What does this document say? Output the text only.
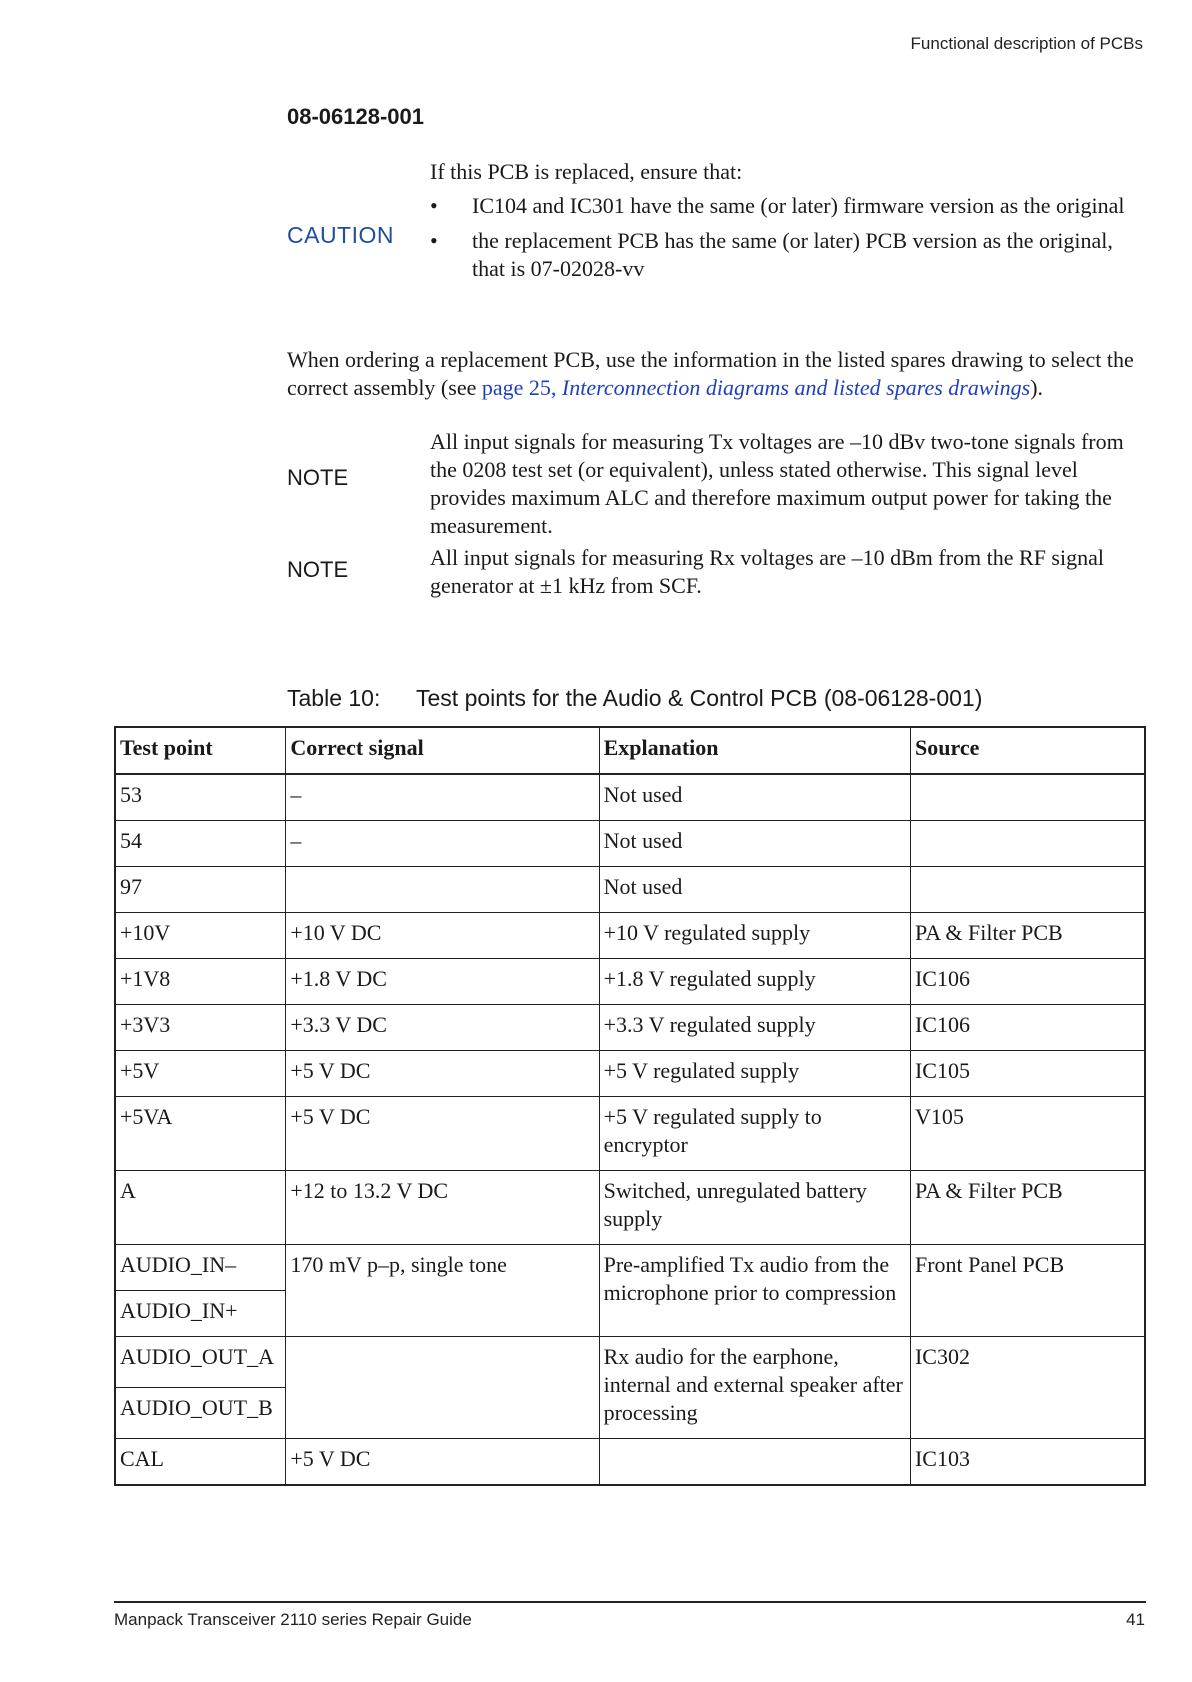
Functional description of PCBs
08-06128-001
CAUTION
If this PCB is replaced, ensure that:
• IC104 and IC301 have the same (or later) firmware version as the original
• the replacement PCB has the same (or later) PCB version as the original, that is 07-02028-vv
When ordering a replacement PCB, use the information in the listed spares drawing to select the correct assembly (see page 25, Interconnection diagrams and listed spares drawings).
NOTE
All input signals for measuring Tx voltages are –10 dBv two-tone signals from the 0208 test set (or equivalent), unless stated otherwise. This signal level provides maximum ALC and therefore maximum output power for taking the measurement.
NOTE	All input signals for measuring Rx voltages are –10 dBm from the RF signal generator at ±1 kHz from SCF.
Table 10: Test points for the Audio & Control PCB (08-06128-001)
Test point	Correct signal	Explanation	Source
53	–	Not used	
54	–	Not used	
97		Not used	
+10V	+10 V DC	+10 V regulated supply	PA & Filter PCB
+1V8	+1.8 V DC	+1.8 V regulated supply	IC106
+3V3	+3.3 V DC	+3.3 V regulated supply	IC106
+5V	+5 V DC	+5 V regulated supply	IC105
+5VA	+5 V DC	+5 V regulated supply to encryptor	V105
A	+12 to 13.2 V DC	Switched, unregulated battery supply	PA & Filter PCB
AUDIO_IN–	170 mV p–p, single tone	Pre-amplified Tx audio from the microphone prior to compression	Front Panel PCB
AUDIO_IN+			
AUDIO_OUT_A		Rx audio for the earphone, internal and external speaker after processing	IC302
AUDIO_OUT_B			
CAL	+5 V DC		IC103
Manpack Transceiver 2110 series Repair Guide	41
